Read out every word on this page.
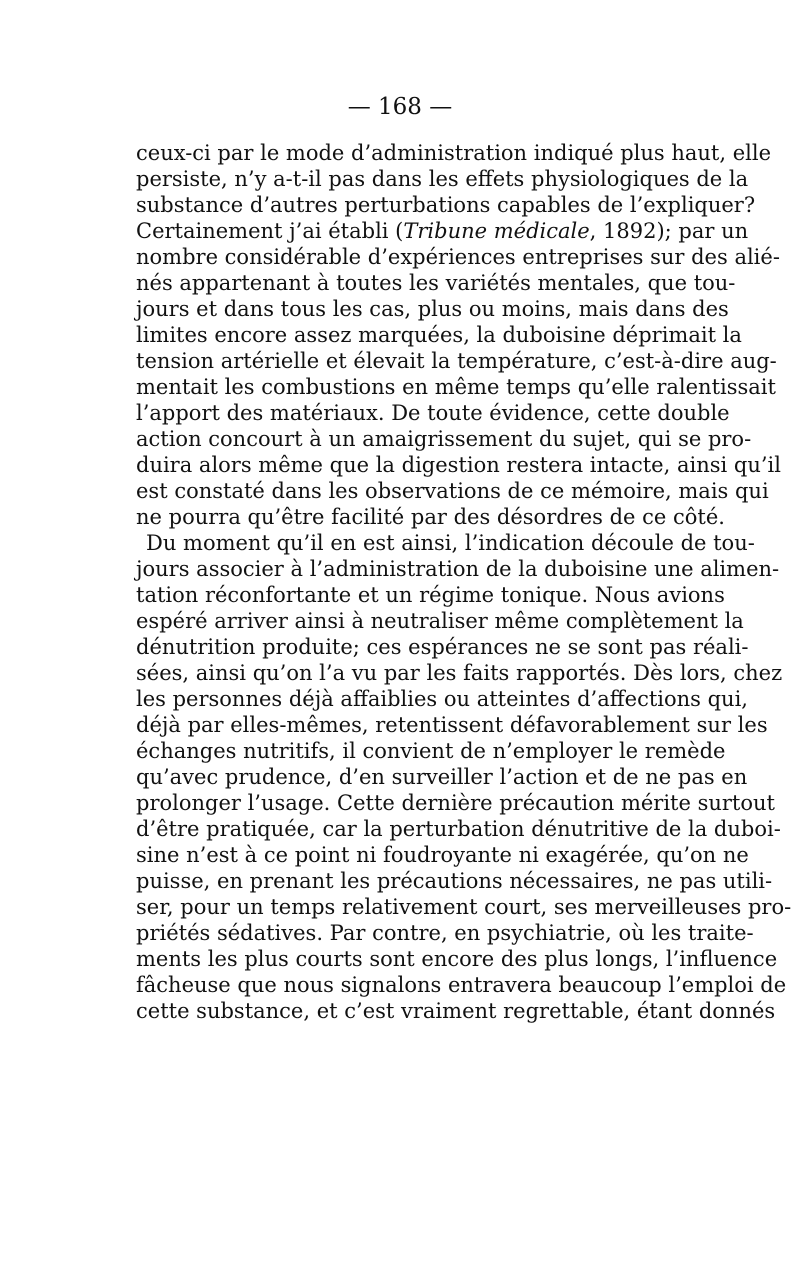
— 168 —
ceux-ci par le mode d’administration indiqué plus haut, elle
persiste, n’y a-t-il pas dans les effets physiologiques de la
substance d’autres perturbations capables de l’expliquer?
Certainement j’ai établi (Tribune médicale, 1892); par un
nombre considérable d’expériences entreprises sur des alié-
nés appartenant à toutes les variétés mentales, que tou-
jours et dans tous les cas, plus ou moins, mais dans des
limites encore assez marquées, la duboisine déprimait la
tension artérielle et élevait la température, c’est-à-dire aug-
mentait les combustions en même temps qu’elle ralentissait
l’apport des matériaux. De toute évidence, cette double
action concourt à un amaigrissement du sujet, qui se pro-
duira alors même que la digestion restera intacte, ainsi qu’il
est constaté dans les observations de ce mémoire, mais qui
ne pourra qu’être facilité par des désordres de ce côté.
Du moment qu’il en est ainsi, l’indication découle de tou-
jours associer à l’administration de la duboisine une alimen-
tation réconfortante et un régime tonique. Nous avions
espéré arriver ainsi à neutraliser même complètement la
dénutrition produite; ces espérances ne se sont pas réali-
sées, ainsi qu’on l’a vu par les faits rapportés. Dès lors, chez
les personnes déjà affaiblies ou atteintes d’affections qui,
déjà par elles-mêmes, retentissent défavorablement sur les
échanges nutritifs, il convient de n’employer le remède
qu’avec prudence, d’en surveiller l’action et de ne pas en
prolonger l’usage. Cette dernière précaution mérite surtout
d’être pratiquée, car la perturbation dénutritive de la duboi-
sine n’est à ce point ni foudroyante ni exagérée, qu’on ne
puisse, en prenant les précautions nécessaires, ne pas utili-
ser, pour un temps relativement court, ses merveilleuses pro-
priétés sédatives. Par contre, en psychiatrie, où les traite-
ments les plus courts sont encore des plus longs, l’influence
fâcheuse que nous signalons entravera beaucoup l’emploi de
cette substance, et c’est vraiment regrettable, étant donnés
